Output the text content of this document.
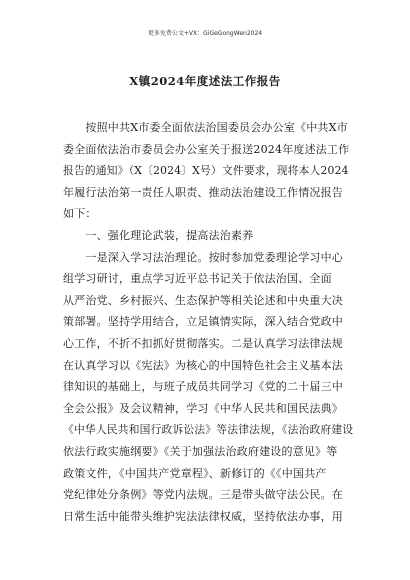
更多免费公文+VX：GiGeGongWen2024
X镇2024年度述法工作报告
　　按照中共X市委全面依法治国委员会办公室《中共X市
委全面依法治市委员会办公室关于报送2024年度述法工作
报告的通知》（X〔2024〕X号）文件要求，现将本人2024
年履行法治第一责任人职责、推动法治建设工作情况报告
如下：
　　一、强化理论武装，提高法治素养
　　一是深入学习法治理论。按时参加党委理论学习中心
组学习研讨，重点学习近平总书记关于依法治国、全面
从严治党、乡村振兴、生态保护等相关论述和中央重大决
策部署。坚持学用结合，立足镇情实际，深入结合党政中
心工作，不折不扣抓好贯彻落实。二是认真学习法律法规
在认真学习以《宪法》为核心的中国特色社会主义基本法
律知识的基础上，与班子成员共同学习《党的二十届三中
全会公报》及会议精神，学习《中华人民共和国民法典》
《中华人民共和国行政诉讼法》等法律法规，《法治政府建设
依法行政实施纲要》《关于加强法治政府建设的意见》等
政策文件，《中国共产党章程》、新修订的《《中国共产
党纪律处分条例》等党内法规。三是带头做守法公民。在
日常生活中能带头维护宪法法律权威，坚持依法办事，用
